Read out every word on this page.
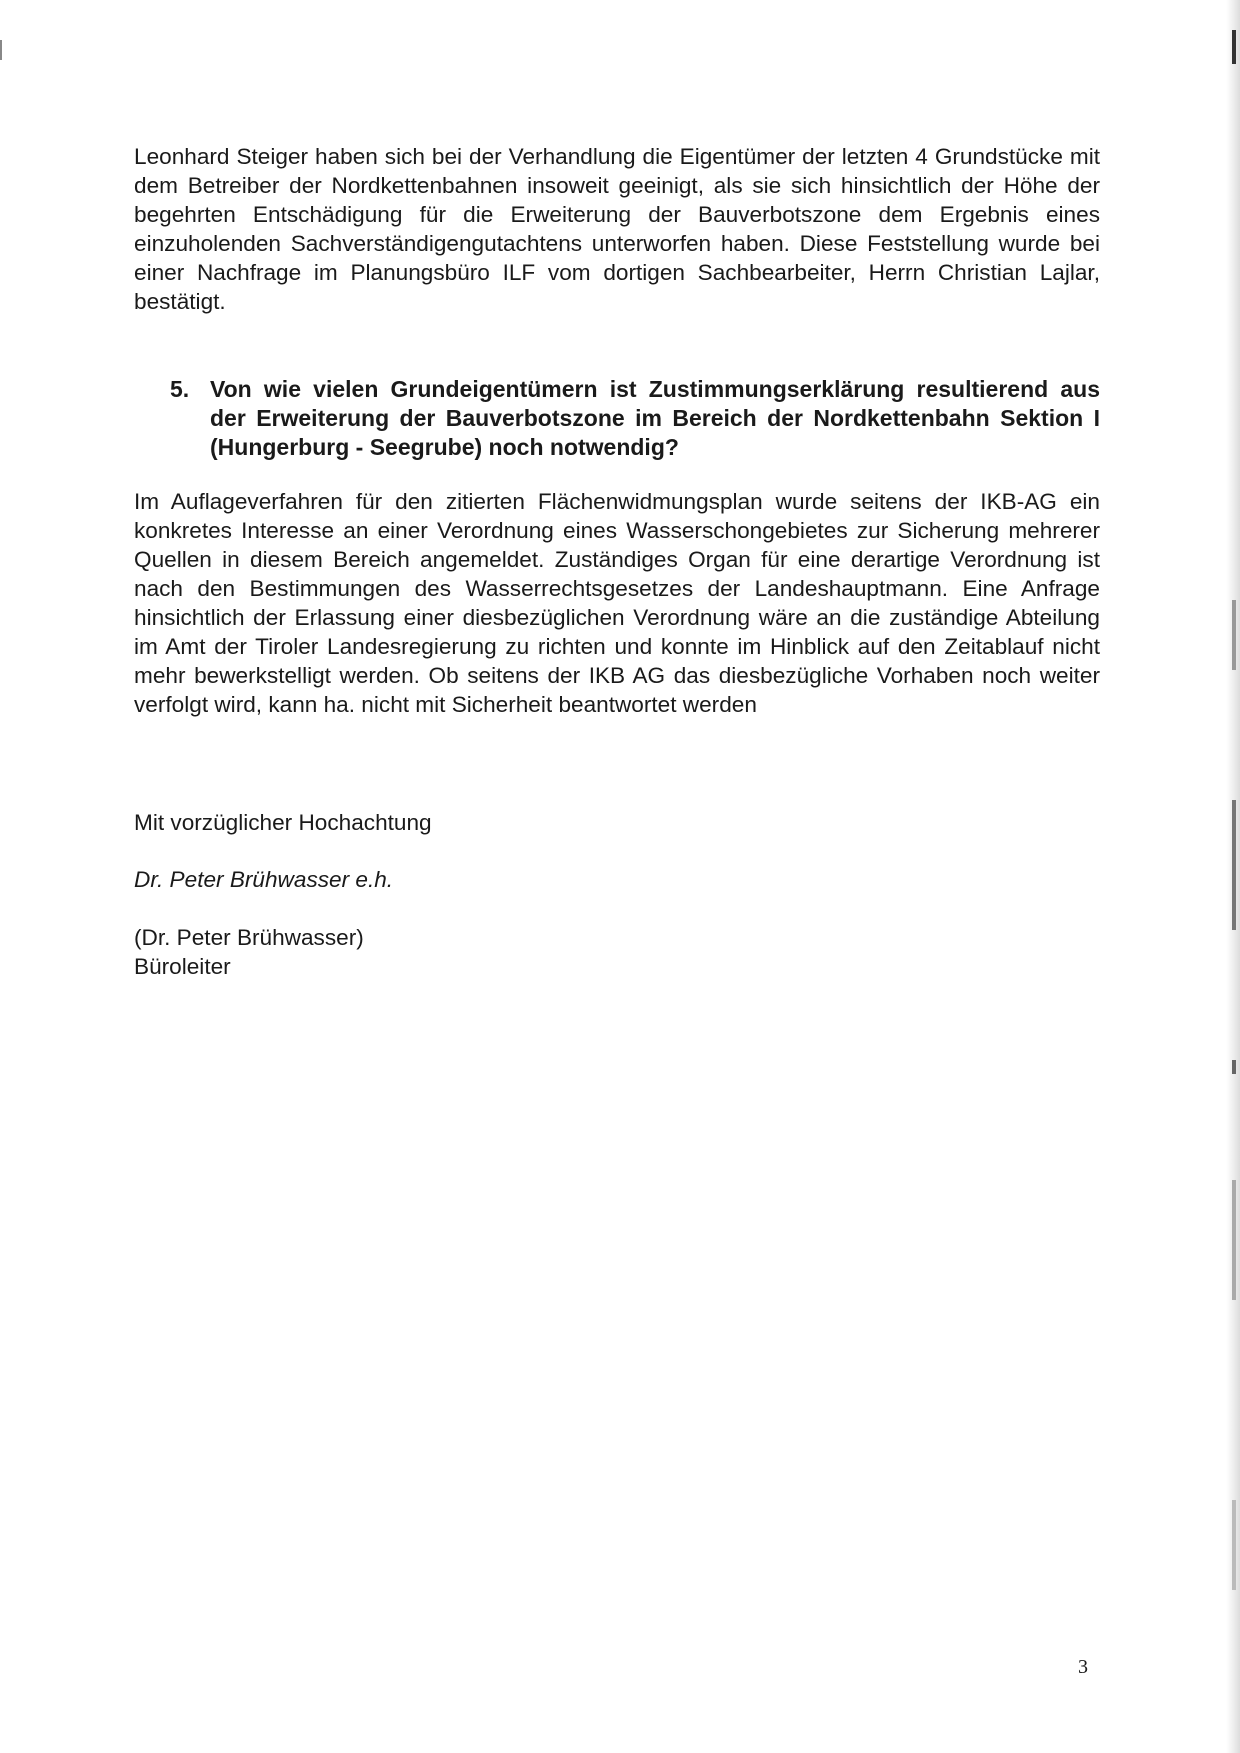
Leonhard Steiger haben sich bei der Verhandlung die Eigentümer der letzten 4 Grundstücke mit dem Betreiber der Nordkettenbahnen insoweit geeinigt, als sie sich hinsichtlich der Höhe der begehrten Entschädigung für die Erweiterung der Bauverbotszone dem Ergebnis eines einzuholenden Sachverständigengutachtens unterworfen haben. Diese Feststellung wurde bei einer Nachfrage im Planungsbüro ILF vom dortigen Sachbearbeiter, Herrn Christian Lajlar, bestätigt.

5. Von wie vielen Grundeigentümern ist Zustimmungserklärung resultierend aus der Erweiterung der Bauverbotszone im Bereich der Nordkettenbahn Sektion I (Hungerburg - Seegrube) noch notwendig?

Im Auflageverfahren für den zitierten Flächenwidmungsplan wurde seitens der IKB-AG ein konkretes Interesse an einer Verordnung eines Wasserschongebietes zur Sicherung mehrerer Quellen in diesem Bereich angemeldet. Zuständiges Organ für eine derartige Verordnung ist nach den Bestimmungen des Wasserrechtsgesetzes der Landeshauptmann. Eine Anfrage hinsichtlich der Erlassung einer diesbezüglichen Verordnung wäre an die zuständige Abteilung im Amt der Tiroler Landesregierung zu richten und konnte im Hinblick auf den Zeitablauf nicht mehr bewerkstelligt werden. Ob seitens der IKB AG das diesbezügliche Vorhaben noch weiter verfolgt wird, kann ha. nicht mit Sicherheit beantwortet werden

Mit vorzüglicher Hochachtung

Dr. Peter Brühwasser e.h.

(Dr. Peter Brühwasser)

Büroleiter

3
